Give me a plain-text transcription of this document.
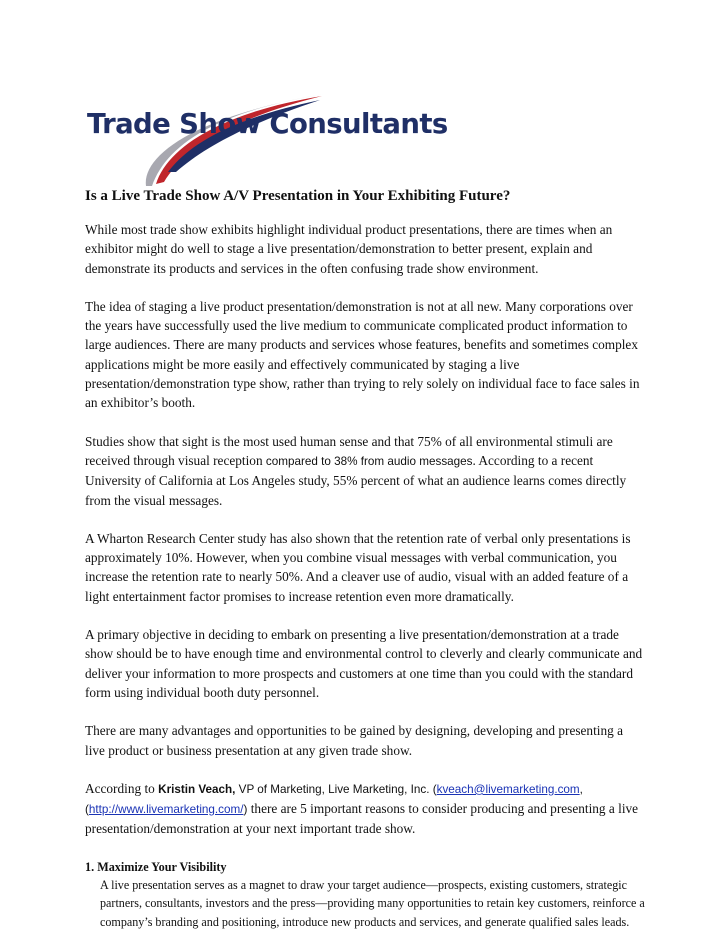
Trade Show Consultants
Is a Live Trade Show A/V Presentation in Your Exhibiting Future?

While most trade show exhibits highlight individual product presentations, there are times when an exhibitor might do well to stage a live presentation/demonstration to better present, explain and demonstrate its products and services in the often confusing trade show environment.

The idea of staging a live product presentation/demonstration is not at all new. Many corporations over the years have successfully used the live medium to communicate complicated product information to large audiences. There are many products and services whose features, benefits and sometimes complex applications might be more easily and effectively communicated by staging a live presentation/demonstration type show, rather than trying to rely solely on individual face to face sales in an exhibitor’s booth.

Studies show that sight is the most used human sense and that 75% of all environmental stimuli are received through visual reception compared to 38% from audio messages. According to a recent University of California at Los Angeles study, 55% percent of what an audience learns comes directly from the visual messages.

A Wharton Research Center study has also shown that the retention rate of verbal only presentations is approximately 10%. However, when you combine visual messages with verbal communication, you increase the retention rate to nearly 50%. And a cleaver use of audio, visual with an added feature of a light entertainment factor promises to increase retention even more dramatically.

A primary objective in deciding to embark on presenting a live presentation/demonstration at a trade show should be to have enough time and environmental control to cleverly and clearly communicate and deliver your information to more prospects and customers at one time than you could with the standard form using individual booth duty personnel.

There are many advantages and opportunities to be gained by designing, developing and presenting a live product or business presentation at any given trade show.

According to Kristin Veach, VP of Marketing, Live Marketing, Inc. (kveach@livemarketing.com, (http://www.livemarketing.com/) there are 5 important reasons to consider producing and presenting a live presentation/demonstration at your next important trade show.

1. Maximize Your Visibility
A live presentation serves as a magnet to draw your target audience—prospects, existing customers, strategic partners, consultants, investors and the press—providing many opportunities to retain key customers, reinforce a company’s branding and positioning, introduce new products and services, and generate qualified sales leads.
